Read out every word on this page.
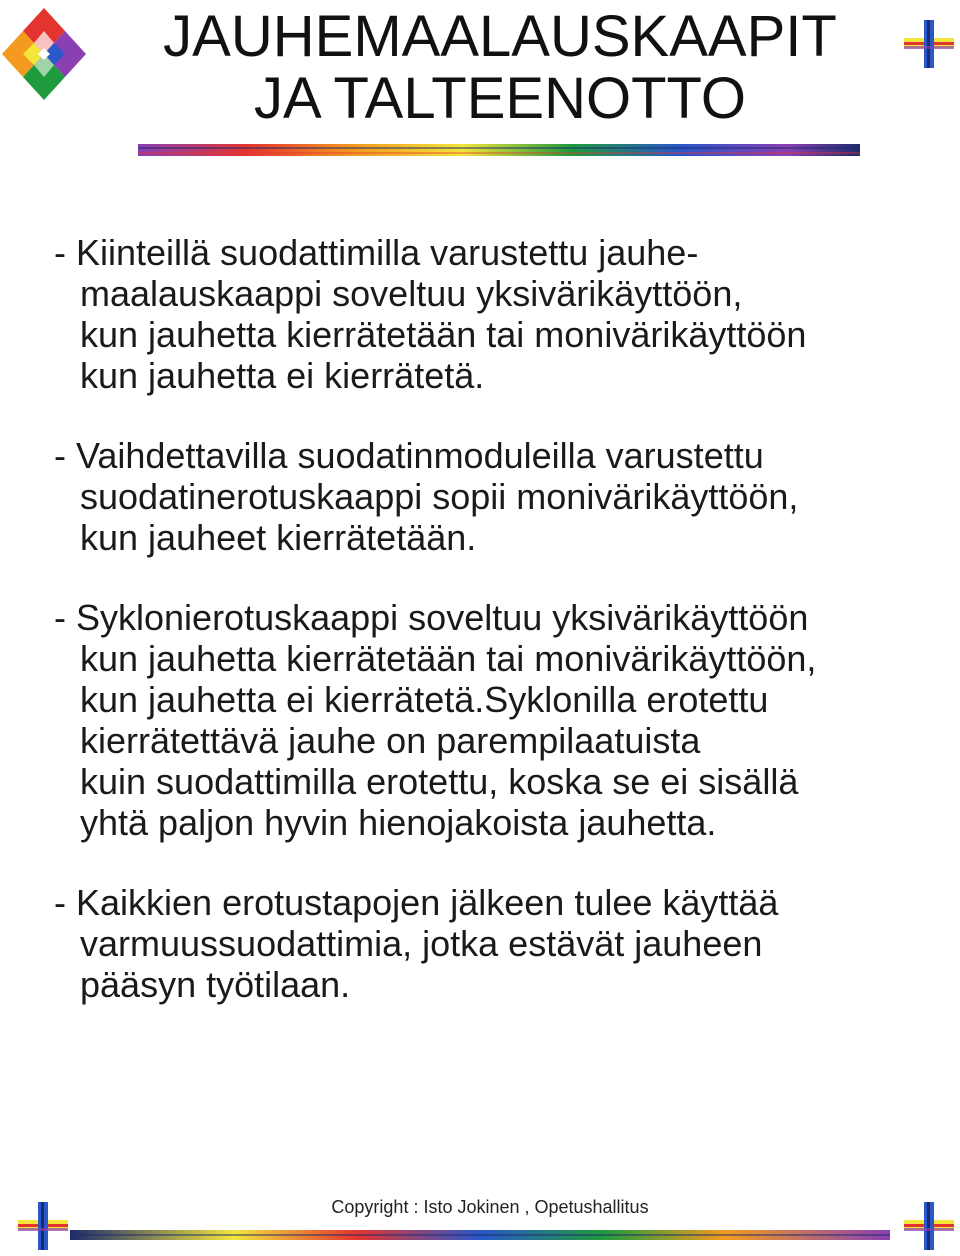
JAUHEMAALAUSKAAPIT
JA TALTEENOTTO

- Kiinteillä suodattimilla varustettu jauhe-
maalauskaappi soveltuu yksivärikäyttöön,
kun jauhetta kierrätetään tai monivärikäyttöön
kun jauhetta ei kierrätetä.

- Vaihdettavilla suodatinmoduleilla varustettu
suodatinerotuskaappi sopii monivärikäyttöön,
kun jauheet kierrätetään.

- Syklonierotuskaappi soveltuu yksivärikäyttöön
kun jauhetta kierrätetään tai monivärikäyttöön,
kun jauhetta ei kierrätetä.Syklonilla erotettu
kierrätettävä jauhe on parempilaatuista
kuin suodattimilla erotettu, koska se ei sisällä
yhtä paljon hyvin hienojakoista jauhetta.

- Kaikkien erotustapojen jälkeen tulee käyttää
varmuussuodattimia, jotka estävät jauheen
pääsyn työtilaan.

Copyright : Isto Jokinen , Opetushallitus
